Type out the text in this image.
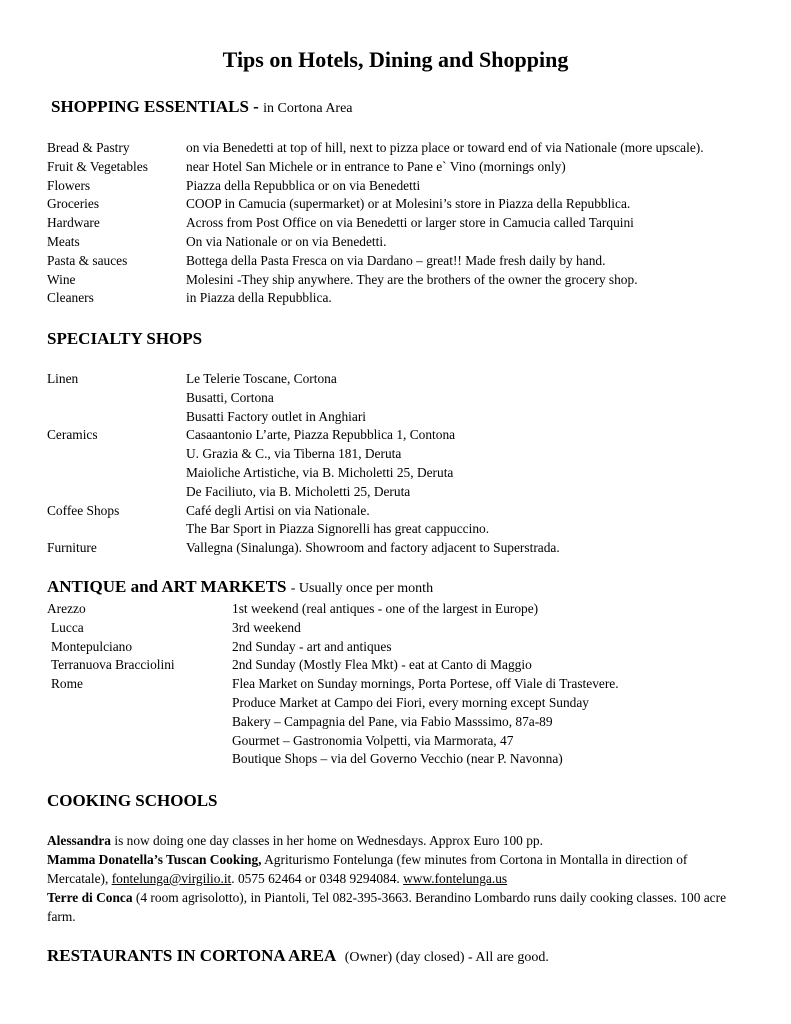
Tips on Hotels, Dining and Shopping
SHOPPING ESSENTIALS - in Cortona Area
Bread & Pastry	on via Benedetti at top of hill, next to pizza place or toward end of via Nationale (more upscale).
Fruit & Vegetables	near Hotel San Michele or in entrance to Pane e` Vino (mornings only)
Flowers	Piazza della Repubblica or on via Benedetti
Groceries	COOP in Camucia (supermarket) or at Molesini’s store in Piazza della Repubblica.
Hardware	Across from Post Office on via Benedetti or larger store in Camucia called Tarquini
Meats	On via Nationale or on via Benedetti.
Pasta & sauces	Bottega della Pasta Fresca on via Dardano – great!! Made fresh daily by hand.
Wine	Molesini -They ship anywhere. They are the brothers of the owner the grocery shop.
Cleaners	in Piazza della Repubblica.
SPECIALTY SHOPS
Linen	Le Telerie Toscane, Cortona
Busatti, Cortona
Busatti Factory outlet in Anghiari
Ceramics	Casaantonio L’arte, Piazza Repubblica 1, Contona
U. Grazia & C., via Tiberna 181, Deruta
Maioliche Artistiche, via B. Micholetti 25, Deruta
De Faciliuto, via B. Micholetti 25, Deruta
Coffee Shops	Café degli Artisi on via Nationale.
The Bar Sport in Piazza Signorelli has great cappuccino.
Furniture	Vallegna (Sinalunga). Showroom and factory adjacent to Superstrada.
ANTIQUE and ART MARKETS - Usually once per month
Arezzo	1st weekend (real antiques - one of the largest in Europe)
Lucca	3rd weekend
Montepulciano	2nd Sunday - art and antiques
Terranuova Bracciolini	2nd Sunday (Mostly Flea Mkt) - eat at Canto di Maggio
Rome	Flea Market on Sunday mornings, Porta Portese, off Viale di Trastevere.
Produce Market at Campo dei Fiori, every morning except Sunday
Bakery – Campagnia del Pane, via Fabio Masssimo, 87a-89
Gourmet – Gastronomia Volpetti, via Marmorata, 47
Boutique Shops – via del Governo Vecchio (near P. Navonna)
COOKING SCHOOLS
Alessandra is now doing one day classes in her home on Wednesdays. Approx Euro 100 pp.
Mamma Donatella’s Tuscan Cooking, Agriturismo Fontelunga (few minutes from Cortona in Montalla in direction of Mercatale), fontelunga@virgilio.it. 0575 62464 or 0348 9294084. www.fontelunga.us
Terre di Conca (4 room agrisolotto), in Piantoli, Tel 082-395-3663. Berandino Lombardo runs daily cooking classes. 100 acre farm.
RESTAURANTS IN CORTONA AREA (Owner) (day closed) - All are good.
